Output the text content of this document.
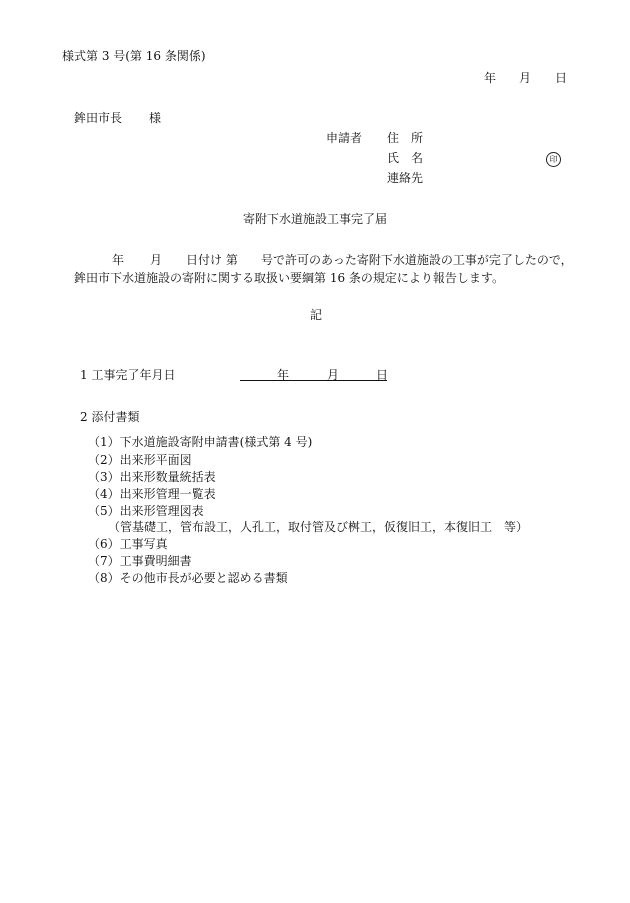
様式第 3 号(第 16 条関係)
年 月 日
鉾田市長 様
申請者 住　所
氏　名	印
連絡先
寄附下水道施設工事完了届
年 月 日付け 第 号で許可のあった寄附下水道施設の工事が完了したので，
鉾田市下水道施設の寄附に関する取扱い要綱第 16 条の規定により報告します。
記
1 工事完了年月日	年	月	日
2 添付書類
（1）下水道施設寄附申請書(様式第 4 号)
（2）出来形平面図
（3）出来形数量統括表
（4）出来形管理一覧表
（5）出来形管理図表
（管基礎工，管布設工，人孔工，取付管及び桝工，仮復旧工，本復旧工　等）
（6）工事写真
（7）工事費明細書
（8）その他市長が必要と認める書類
